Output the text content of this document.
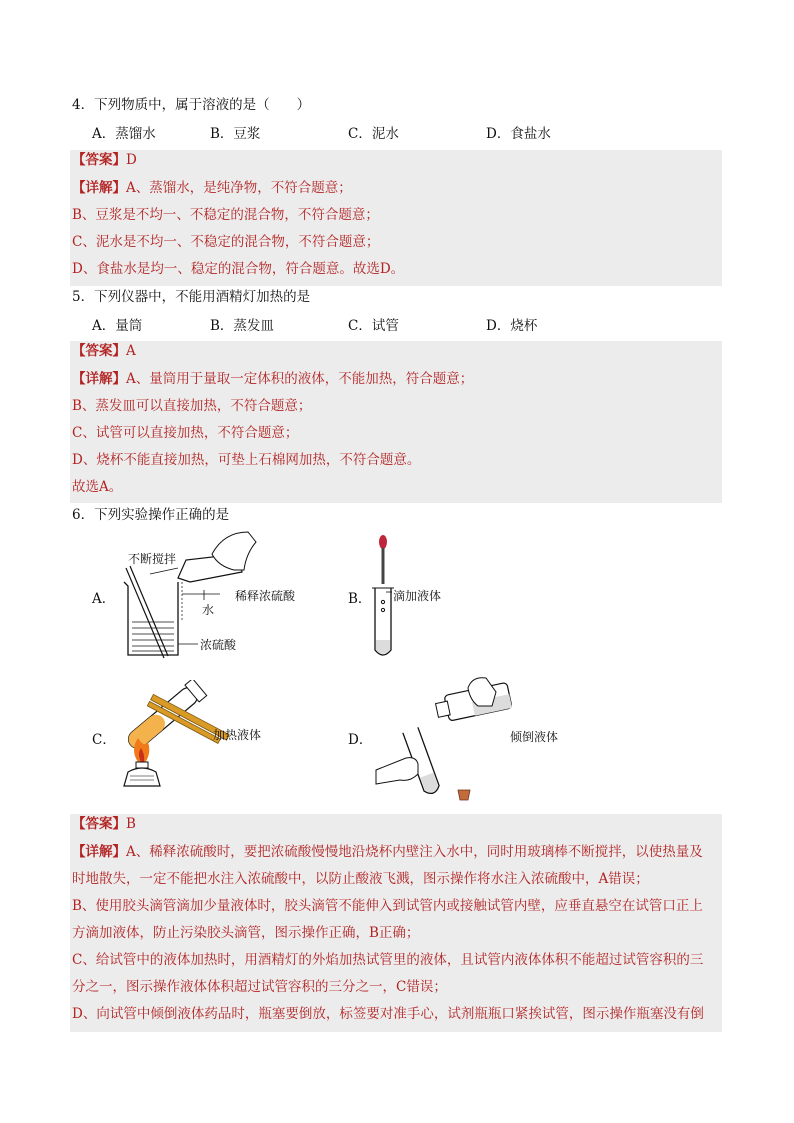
4．下列物质中，属于溶液的是（　　）
A．蒸馏水	B．豆浆	C．泥水	D．食盐水
【答案】D
【详解】A、蒸馏水，是纯净物，不符合题意；
B、豆浆是不均一、不稳定的混合物，不符合题意；
C、泥水是不均一、不稳定的混合物，不符合题意；
D、食盐水是均一、稳定的混合物，符合题意。故选D。
5．下列仪器中，不能用酒精灯加热的是
A．量筒	B．蒸发皿	C．试管	D．烧杯
【答案】A
【详解】A、量筒用于量取一定体积的液体，不能加热，符合题意；
B、蒸发皿可以直接加热，不符合题意；
C、试管可以直接加热，不符合题意；
D、烧杯不能直接加热，可垫上石棉网加热，不符合题意。
故选A。
6．下列实验操作正确的是
A．
不断搅拌
水
稀释浓硫酸
浓硫酸
B． 滴加液体
C．	加热液体	D．	倾倒液体
【答案】B
【详解】A、稀释浓硫酸时，要把浓硫酸慢慢地沿烧杯内壁注入水中，同时用玻璃棒不断搅拌，以使热量及
时地散失，一定不能把水注入浓硫酸中，以防止酸液飞溅，图示操作将水注入浓硫酸中，A错误；
B、使用胶头滴管滴加少量液体时，胶头滴管不能伸入到试管内或接触试管内壁，应垂直悬空在试管口正上
方滴加液体，防止污染胶头滴管，图示操作正确，B正确；
C、给试管中的液体加热时，用酒精灯的外焰加热试管里的液体，且试管内液体体积不能超过试管容积的三
分之一，图示操作液体体积超过试管容积的三分之一，C错误；
D、向试管中倾倒液体药品时，瓶塞要倒放，标签要对准手心，试剂瓶瓶口紧挨试管，图示操作瓶塞没有倒
